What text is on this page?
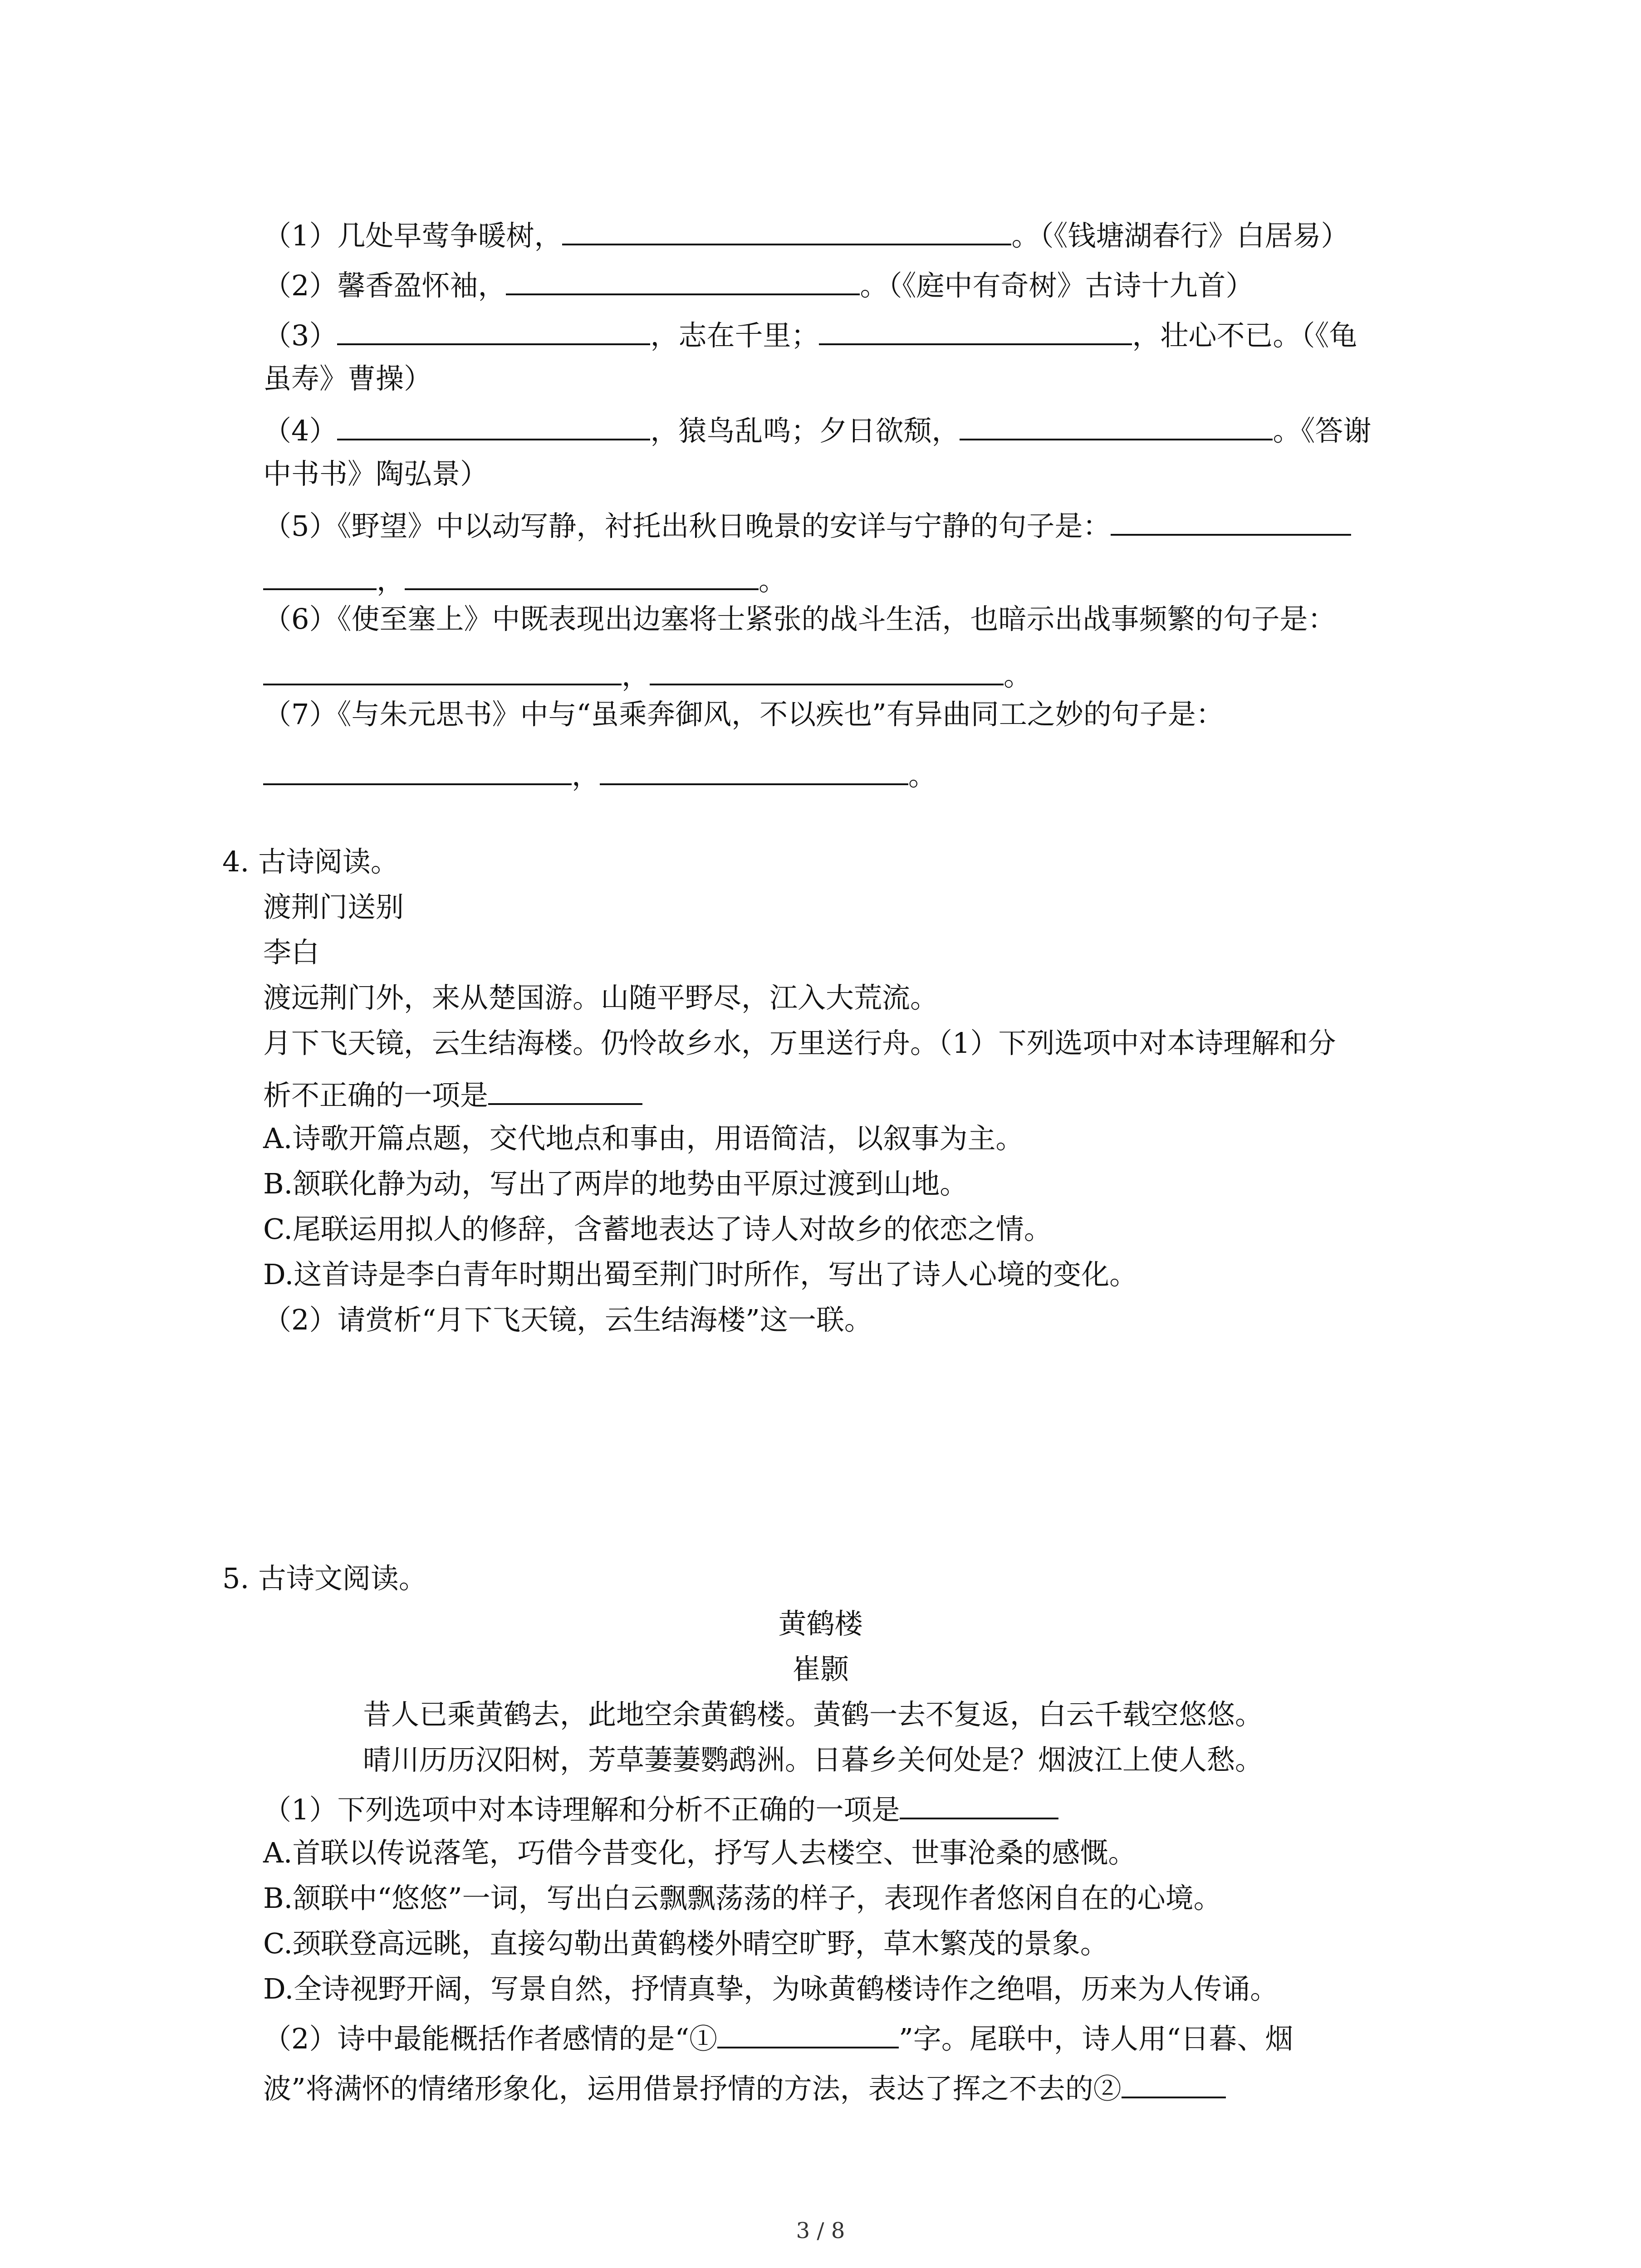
（1）几处早莺争暖树，	。（《钱塘湖春行》白居易）
（2）馨香盈怀袖，	。（《庭中有奇树》古诗十九首）
（3）	，志在千里；	，壮心不已。（《龟
虽寿》曹操）
（4）	，猿鸟乱鸣；夕日欲颓，	。《答谢
中书书》陶弘景）
（5）《野望》中以动写静，衬托出秋日晚景的安详与宁静的句子是：
，	。
（6）《使至塞上》中既表现出边塞将士紧张的战斗生活，也暗示出战事频繁的句子是：
，	。
（7）《与朱元思书》中与“虽乘奔御风，不以疾也”有异曲同工之妙的句子是：
，	。
4. 古诗阅读。
渡荆门送别
李白
渡远荆门外，来从楚国游。山随平野尽，江入大荒流。
月下飞天镜，云生结海楼。仍怜故乡水，万里送行舟。（1）下列选项中对本诗理解和分
析不正确的一项是
A.诗歌开篇点题，交代地点和事由，用语简洁，以叙事为主。
B.颔联化静为动，写出了两岸的地势由平原过渡到山地。
C.尾联运用拟人的修辞，含蓄地表达了诗人对故乡的依恋之情。
D.这首诗是李白青年时期出蜀至荆门时所作，写出了诗人心境的变化。
（2）请赏析“月下飞天镜，云生结海楼”这一联。
5. 古诗文阅读。
黄鹤楼
崔颢
昔人已乘黄鹤去，此地空余黄鹤楼。黄鹤一去不复返，白云千载空悠悠。
晴川历历汉阳树，芳草萋萋鹦鹉洲。日暮乡关何处是？烟波江上使人愁。
（1）下列选项中对本诗理解和分析不正确的一项是
A.首联以传说落笔，巧借今昔变化，抒写人去楼空、世事沧桑的感慨。
B.颔联中“悠悠”一词，写出白云飘飘荡荡的样子，表现作者悠闲自在的心境。
C.颈联登高远眺，直接勾勒出黄鹤楼外晴空旷野，草木繁茂的景象。
D.全诗视野开阔，写景自然，抒情真挚，为咏黄鹤楼诗作之绝唱，历来为人传诵。
（2）诗中最能概括作者感情的是“①	”字。尾联中，诗人用“日暮、烟
波”将满怀的情绪形象化，运用借景抒情的方法，表达了挥之不去的②
3 / 8
